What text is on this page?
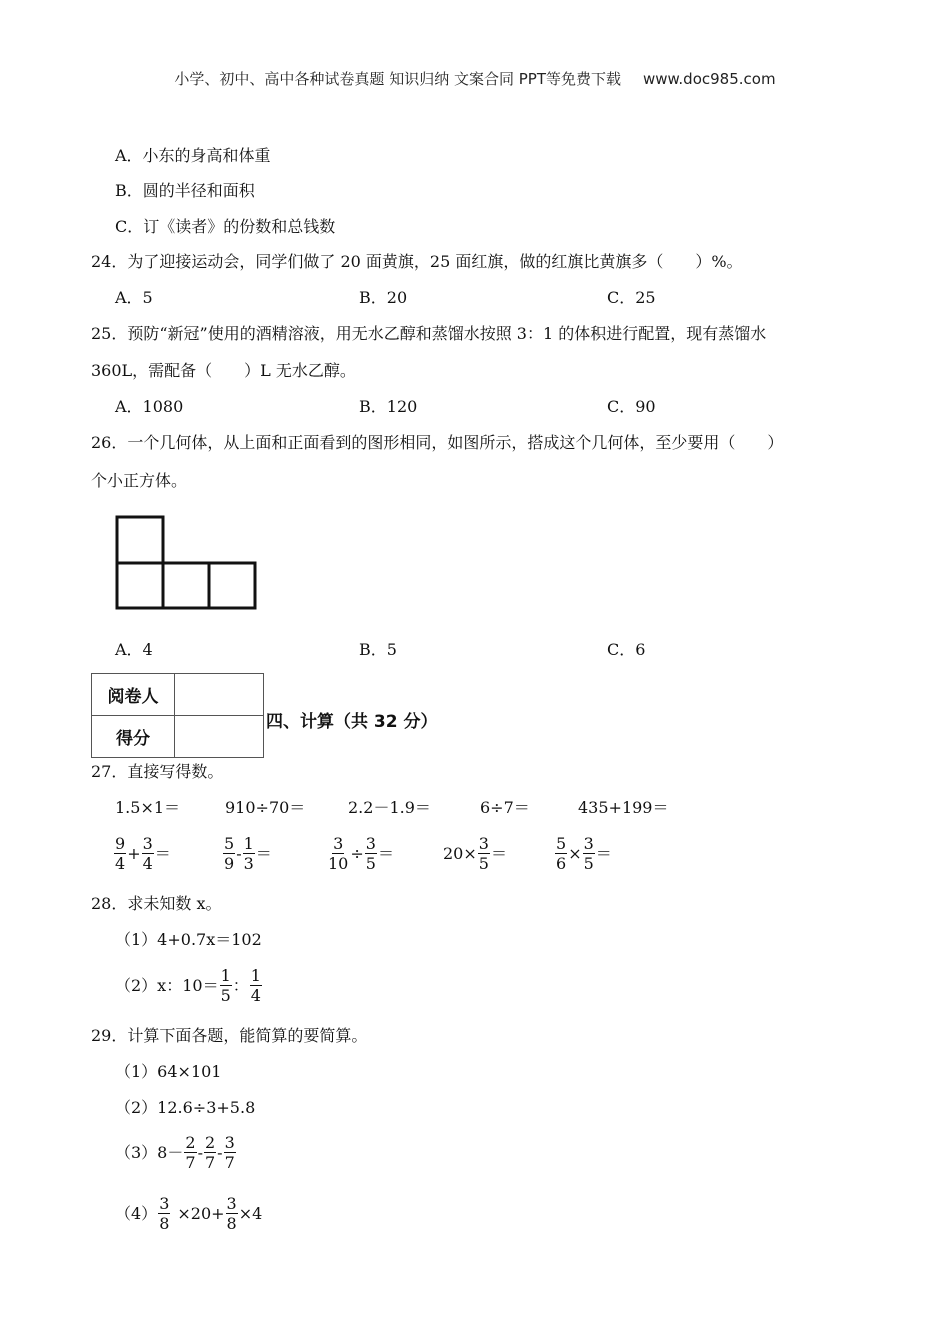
小学、初中、高中各种试卷真题 知识归纳 文案合同 PPT等免费下载 www.doc985.com
A．小东的身高和体重
B．圆的半径和面积
C．订《读者》的份数和总钱数
24．为了迎接运动会，同学们做了 20 面黄旗，25 面红旗，做的红旗比黄旗多（　　）%。
A．5	B．20	C．25
25．预防“新冠”使用的酒精溶液，用无水乙醇和蒸馏水按照 3：1 的体积进行配置，现有蒸馏水
360L，需配备（　　）L 无水乙醇。
A．1080	B．120	C．90
26．一个几何体，从上面和正面看到的图形相同，如图所示，搭成这个几何体，至少要用（　　）
个小正方体。
A．4	B．5	C．6
阅卷人	
得分	
四、计算（共 32 分）
27．直接写得数。
1.5×1＝	910÷70＝	2.2－1.9＝	6÷7＝	435+199＝
$\frac{9}{4} + \frac{3}{4}$ ＝	$\frac{5}{9} - \frac{1}{3}$ ＝	$\frac{3}{10} \div \frac{3}{5}$ ＝	$20\times \frac{3}{5}$ ＝	$\frac{5}{6} \times \frac{3}{5}$ ＝
28．求未知数 x。
（1）4+0.7x＝102
（2）x：$10= \frac{1}{5}$ ： $\frac{1}{4}$
29．计算下面各题，能简算的要简算。
（1）64×101
（2）12.6÷3+5.8
$(3)8- \frac{2}{7} - \frac{2}{7} - \frac{3}{7}$
$(4) \frac{3}{8} \times 20+ \frac{3}{8} \times 4$
